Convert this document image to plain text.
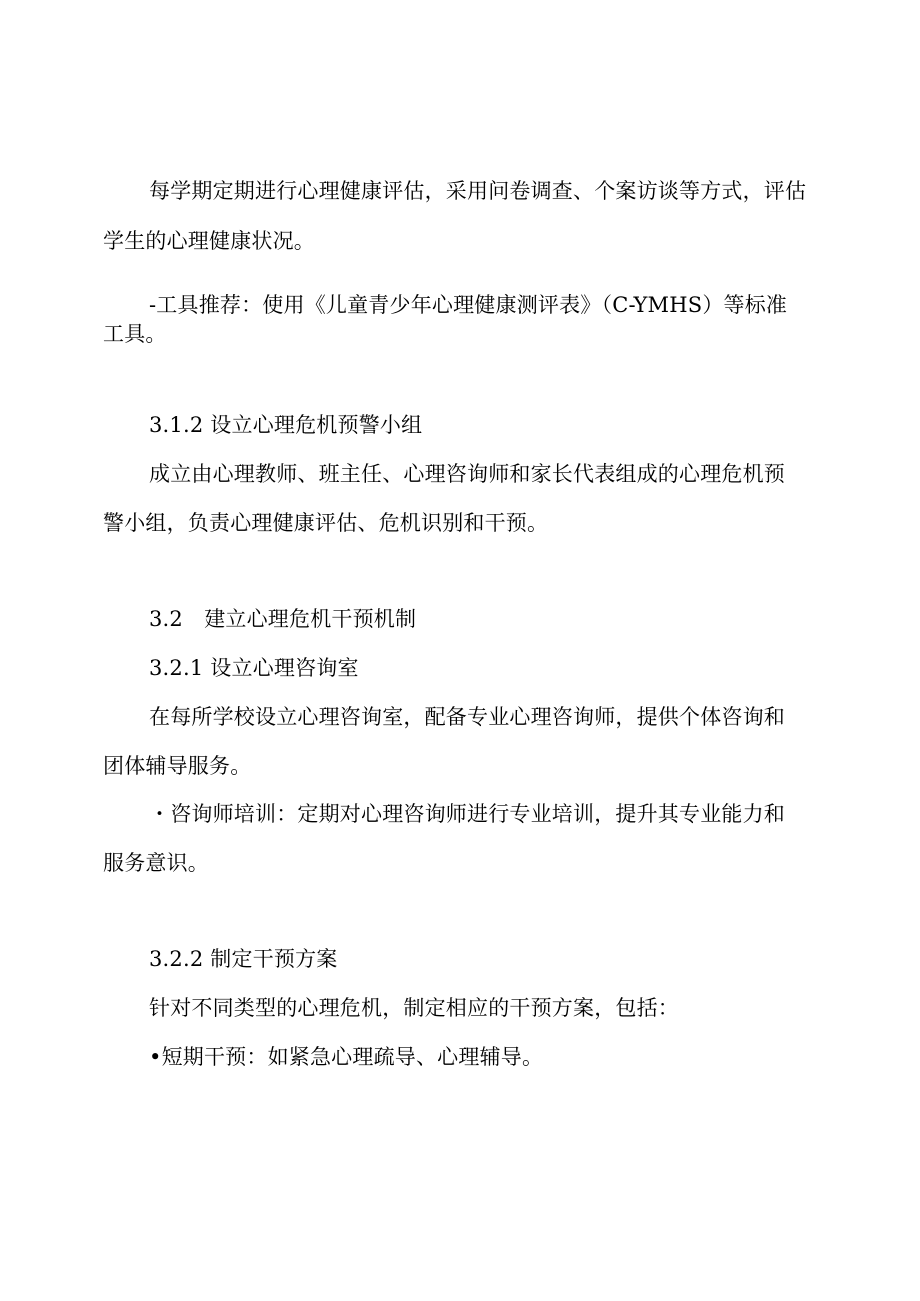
每学期定期进行心理健康评估，采用问卷调查、个案访谈等方式，评估
学生的心理健康状况。
-工具推荐：使用《儿童青少年心理健康测评表》（C-YMHS）等标准
工具。
3.1.2 设立心理危机预警小组
成立由心理教师、班主任、心理咨询师和家长代表组成的心理危机预
警小组，负责心理健康评估、危机识别和干预。
3.2　建立心理危机干预机制
3.2.1 设立心理咨询室
在每所学校设立心理咨询室，配备专业心理咨询师，提供个体咨询和
团体辅导服务。
・咨询师培训：定期对心理咨询师进行专业培训，提升其专业能力和
服务意识。
3.2.2 制定干预方案
针对不同类型的心理危机，制定相应的干预方案，包括：
•短期干预：如紧急心理疏导、心理辅导。
